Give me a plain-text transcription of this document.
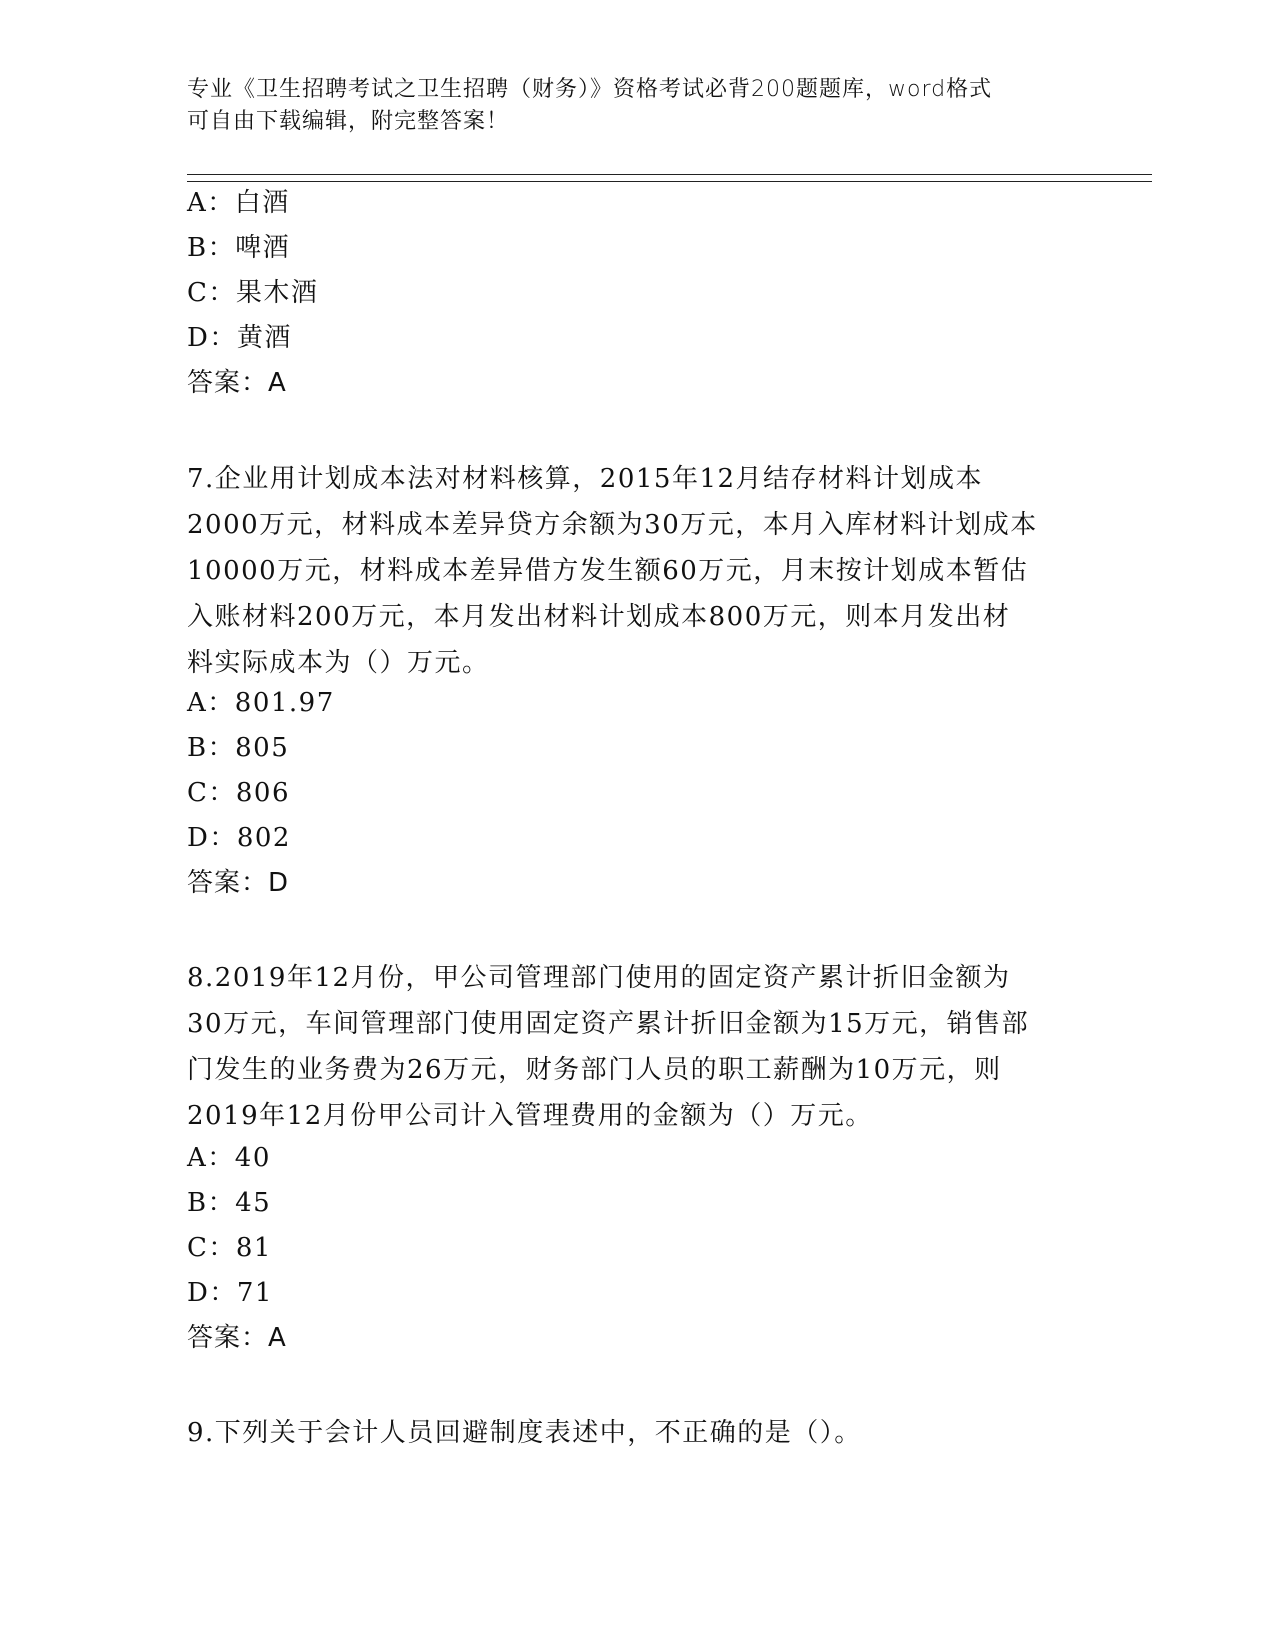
专业《卫生招聘考试之卫生招聘（财务）》资格考试必背200题题库，word格式
可自由下载编辑，附完整答案！
A：白酒
B：啤酒
C：果木酒
D：黄酒
答案：A
7.企业用计划成本法对材料核算，2015年12月结存材料计划成本
2000万元，材料成本差异贷方余额为30万元，本月入库材料计划成本
10000万元，材料成本差异借方发生额60万元，月末按计划成本暂估
入账材料200万元，本月发出材料计划成本800万元，则本月发出材
料实际成本为（）万元。
A：801.97
B：805
C：806
D：802
答案：D
8.2019年12月份，甲公司管理部门使用的固定资产累计折旧金额为
30万元，车间管理部门使用固定资产累计折旧金额为15万元，销售部
门发生的业务费为26万元，财务部门人员的职工薪酬为10万元，则
2019年12月份甲公司计入管理费用的金额为（）万元。
A：40
B：45
C：81
D：71
答案：A
9.下列关于会计人员回避制度表述中，不正确的是（）。
